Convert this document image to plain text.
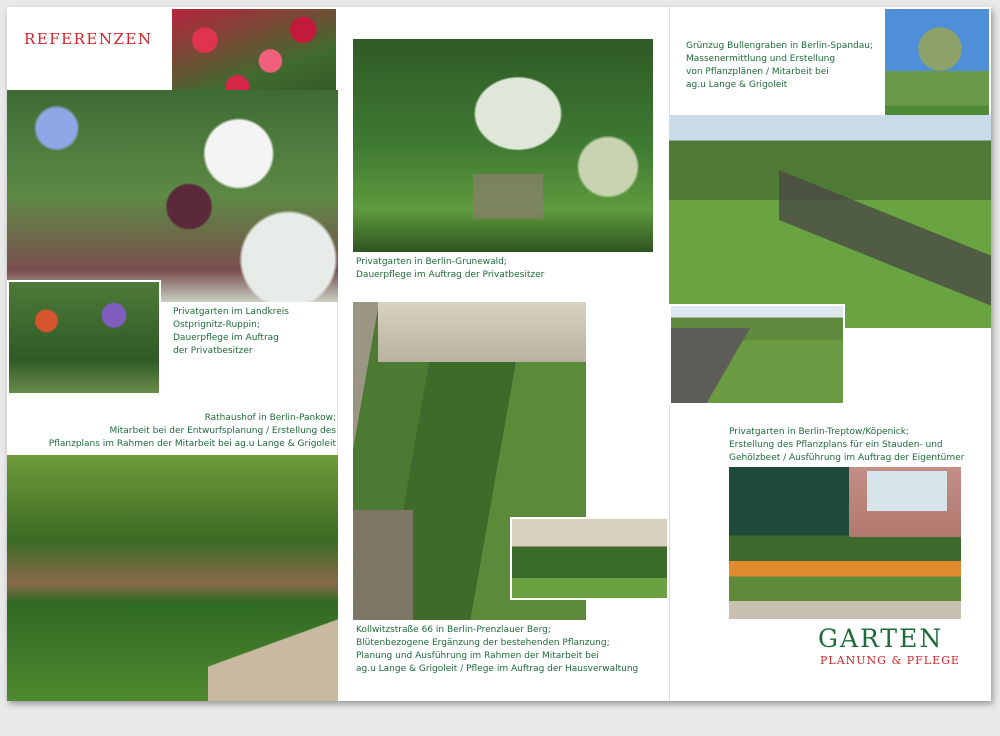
REFERENZEN
Privatgarten im Landkreis
Ostprignitz-Ruppin;
Dauerpflege im Auftrag
der Privatbesitzer
Rathaushof in Berlin-Pankow;
Mitarbeit bei der Entwurfsplanung / Erstellung des
Pflanzplans im Rahmen der Mitarbeit bei ag.u Lange & Grigoleit
Privatgarten in Berlin-Grunewald;
Dauerpflege im Auftrag der Privatbesitzer
Kollwitzstraße 66 in Berlin-Prenzlauer Berg;
Blütenbezogene Ergänzung der bestehenden Pflanzung;
Planung und Ausführung im Rahmen der Mitarbeit bei
ag.u Lange & Grigoleit / Pflege im Auftrag der Hausverwaltung
Grünzug Bullengraben in Berlin-Spandau;
Massenermittlung und Erstellung
von Pflanzplänen / Mitarbeit bei
ag.u Lange & Grigoleit
Privatgarten in Berlin-Treptow/Köpenick;
Erstellung des Pflanzplans für ein Stauden- und
Gehölzbeet / Ausführung im Auftrag der Eigentümer
GARTEN
PLANUNG & PFLEGE
